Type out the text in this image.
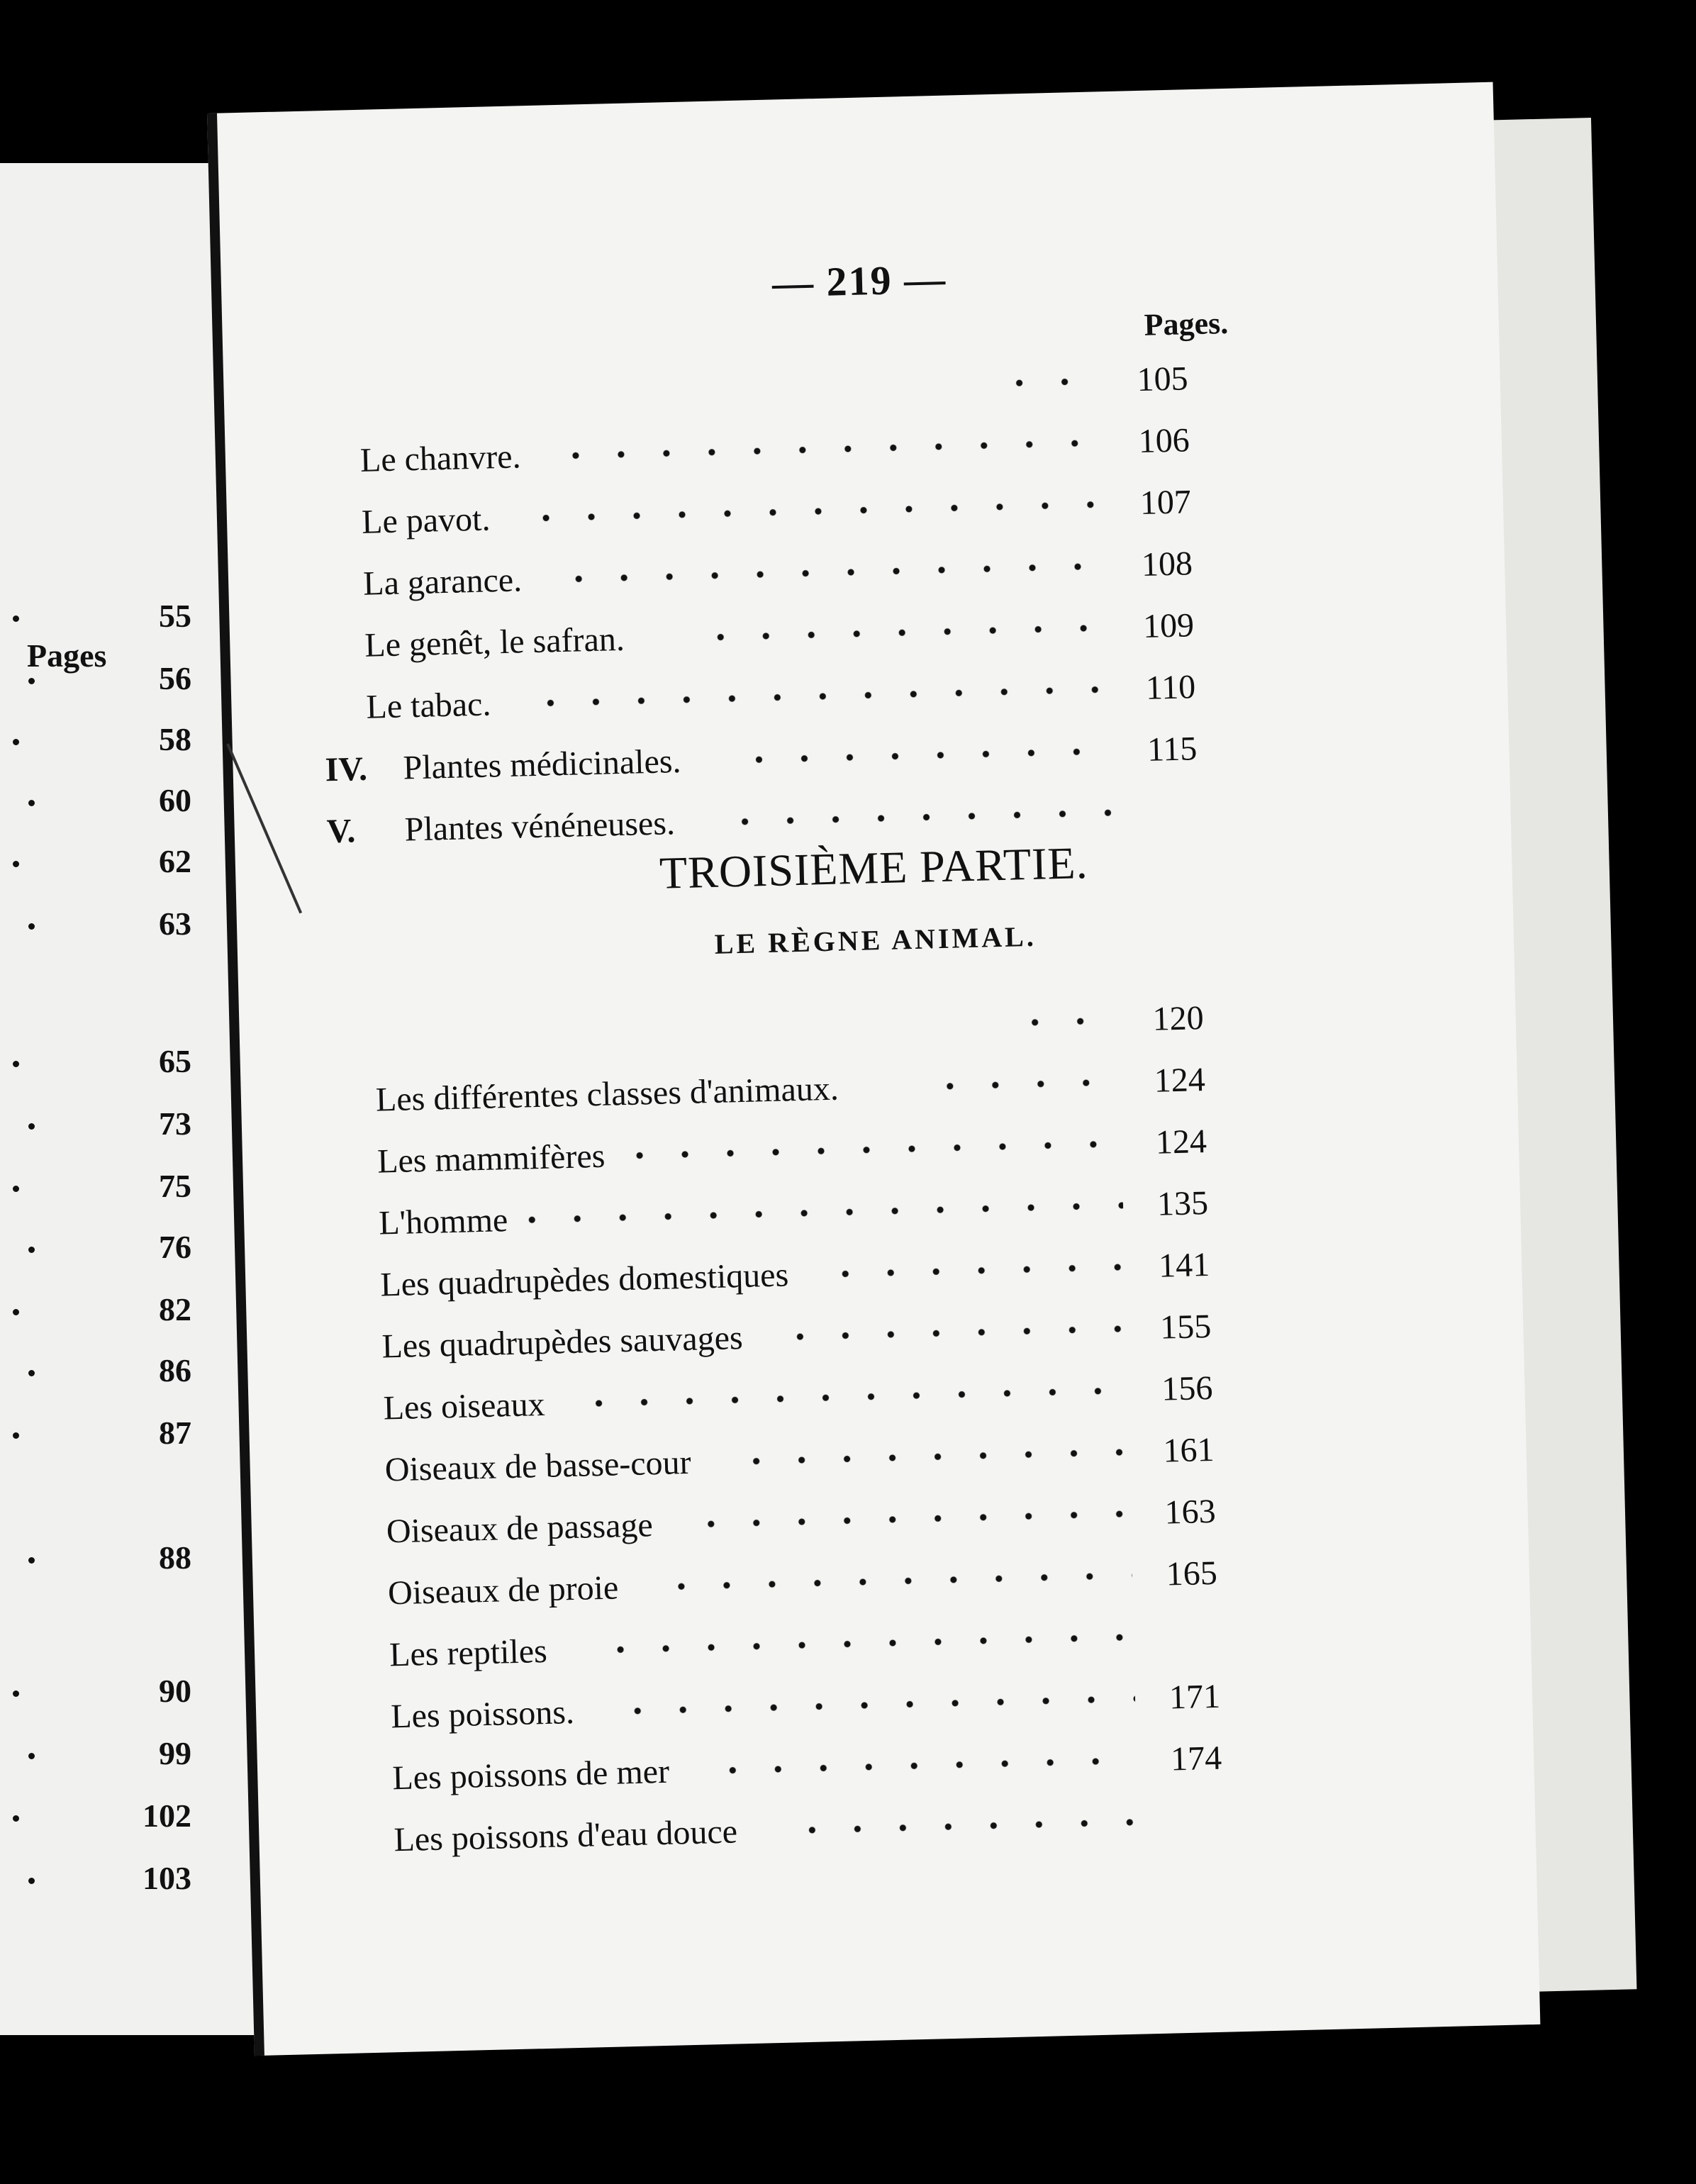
Pages
55
56
58
60
62
63
65
73
75
76
82
86
87
88
90
99
102
103
— 219 —
Pages.
105
Le chanvre.	106
Le pavot.	107
La garance.	108
Le genêt, le safran.	109
Le tabac.	110
IV. Plantes médicinales.	115
V. Plantes vénéneuses.
TROISIÈME PARTIE.
LE RÈGNE ANIMAL.
120
Les différentes classes d'animaux.	124
Les mammifères	124
L'homme	135
Les quadrupèdes domestiques	141
Les quadrupèdes sauvages	155
Les oiseaux	156
Oiseaux de basse-cour	161
Oiseaux de passage	163
Oiseaux de proie	165
Les reptiles
Les poissons.	171
Les poissons de mer	174
Les poissons d'eau douce
